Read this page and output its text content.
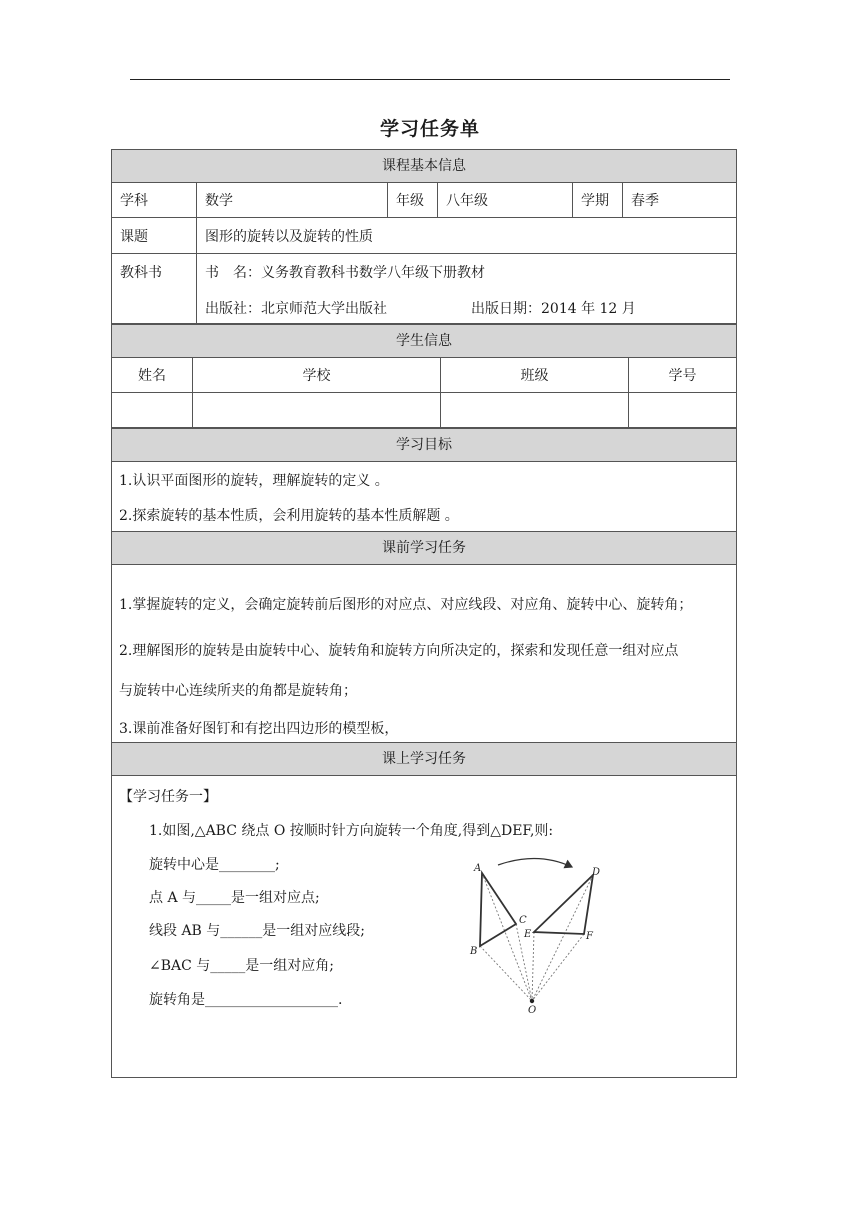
学习任务单
课程基本信息
学科	数学	年级	八年级	学期	春季
课题	图形的旋转以及旋转的性质
教科书	书　名：义务教育教科书数学八年级下册教材
出版社：北京师范大学出版社	出版日期：2014 年 12 月
学生信息
姓名	学校	班级	学号
学习目标
1.认识平面图形的旋转，理解旋转的定义 。
2.探索旋转的基本性质，会利用旋转的基本性质解题 。
课前学习任务
1.掌握旋转的定义，会确定旋转前后图形的对应点、对应线段、对应角、旋转中心、旋转角；
2.理解图形的旋转是由旋转中心、旋转角和旋转方向所决定的，探索和发现任意一组对应点
与旋转中心连续所夹的角都是旋转角；
3.课前准备好图钉和有挖出四边形的模型板，
课上学习任务
【学习任务一】
1.如图,△ABC 绕点 O 按顺时针方向旋转一个角度,得到△DEF,则:
旋转中心是________;
点 A 与_____是一组对应点;
线段 AB 与______是一组对应线段;
∠BAC 与_____是一组对应角;
旋转角是___________________.
A
B
C
D
E	F
O
